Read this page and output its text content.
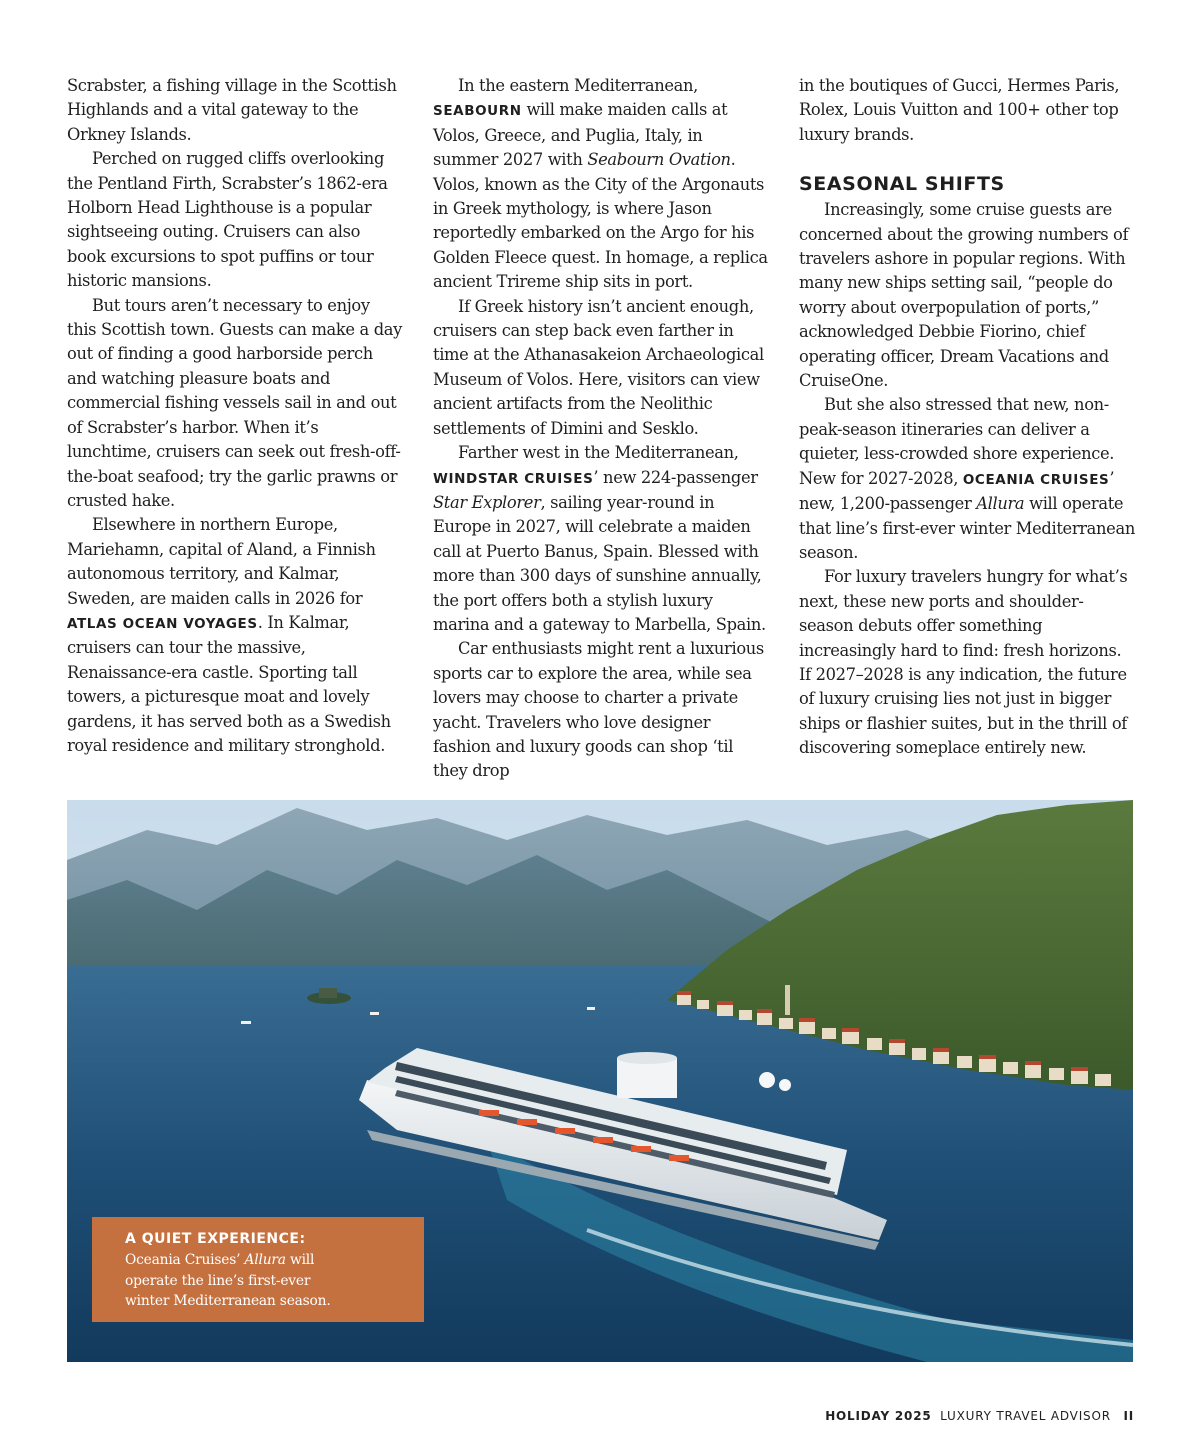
Scrabster, a fishing village in the Scottish Highlands and a vital gateway to the Orkney Islands.

Perched on rugged cliffs overlooking the Pentland Firth, Scrabster’s 1862-era Holborn Head Lighthouse is a popular sightseeing outing. Cruisers can also book excursions to spot puffins or tour historic mansions.

But tours aren’t necessary to enjoy this Scottish town. Guests can make a day out of finding a good harborside perch and watching pleasure boats and commercial fishing vessels sail in and out of Scrabster’s harbor. When it’s lunchtime, cruisers can seek out fresh-off-the-boat seafood; try the garlic prawns or crusted hake.

Elsewhere in northern Europe, Mariehamn, capital of Aland, a Finnish autonomous territory, and Kalmar, Sweden, are maiden calls in 2026 for ATLAS OCEAN VOYAGES. In Kalmar, cruisers can tour the massive, Renaissance-era castle. Sporting tall towers, a picturesque moat and lovely gardens, it has served both as a Swedish royal residence and military stronghold.

In the eastern Mediterranean, SEABOURN will make maiden calls at Volos, Greece, and Puglia, Italy, in summer 2027 with Seabourn Ovation. Volos, known as the City of the Argonauts in Greek mythology, is where Jason reportedly embarked on the Argo for his Golden Fleece quest. In homage, a replica ancient Trireme ship sits in port.

If Greek history isn’t ancient enough, cruisers can step back even farther in time at the Athanasakeion Archaeological Museum of Volos. Here, visitors can view ancient artifacts from the Neolithic settlements of Dimini and Sesklo.

Farther west in the Mediterranean, WINDSTAR CRUISES’ new 224-passenger Star Explorer, sailing year-round in Europe in 2027, will celebrate a maiden call at Puerto Banus, Spain. Blessed with more than 300 days of sunshine annually, the port offers both a stylish luxury marina and a gateway to Marbella, Spain.

Car enthusiasts might rent a luxurious sports car to explore the area, while sea lovers may choose to charter a private yacht. Travelers who love designer fashion and luxury goods can shop ‘til they drop

in the boutiques of Gucci, Hermes Paris, Rolex, Louis Vuitton and 100+ other top luxury brands.

SEASONAL SHIFTS

Increasingly, some cruise guests are concerned about the growing numbers of travelers ashore in popular regions. With many new ships setting sail, “people do worry about overpopulation of ports,” acknowledged Debbie Fiorino, chief operating officer, Dream Vacations and CruiseOne.

But she also stressed that new, non-peak-season itineraries can deliver a quieter, less-crowded shore experience. New for 2027-2028, OCEANIA CRUISES’ new, 1,200-passenger Allura will operate that line’s first-ever winter Mediterranean season.

For luxury travelers hungry for what’s next, these new ports and shoulder-season debuts offer something increasingly hard to find: fresh horizons. If 2027–2028 is any indication, the future of luxury cruising lies not just in bigger ships or flashier suites, but in the thrill of discovering someplace entirely new.

A QUIET EXPERIENCE:
Oceania Cruises’ Allura will operate the line’s first-ever winter Mediterranean season.
HOLIDAY 2025 LUXURY TRAVEL ADVISOR II
